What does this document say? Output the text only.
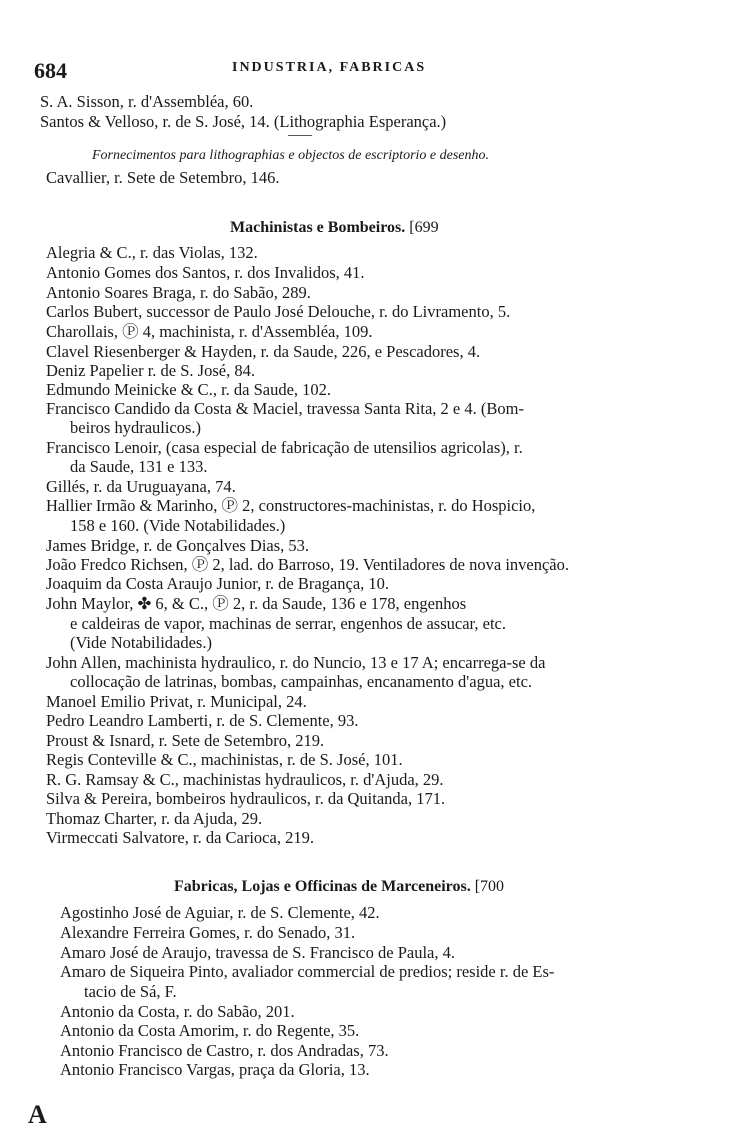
684	INDUSTRIA, FABRICAS
S. A. Sisson, r. d'Assembléa, 60.
Santos & Velloso, r. de S. José, 14. (Lithographia Esperança.)
Fornecimentos para lithographias e objectos de escriptorio e desenho.
Cavallier, r. Sete de Setembro, 146.
Machinistas e Bombeiros. [699
Alegria & C., r. das Violas, 132.
Antonio Gomes dos Santos, r. dos Invalidos, 41.
Antonio Soares Braga, r. do Sabão, 289.
Carlos Bubert, successor de Paulo José Delouche, r. do Livramento, 5.
Charollais, Ⓟ 4, machinista, r. d'Assembléa, 109.
Clavel Riesenberger & Hayden, r. da Saude, 226, e Pescadores, 4.
Deniz Papelier r. de S. José, 84.
Edmundo Meinicke & C., r. da Saude, 102.
Francisco Candido da Costa & Maciel, travessa Santa Rita, 2 e 4. (Bom-
beiros hydraulicos.)
Francisco Lenoir, (casa especial de fabricação de utensilios agricolas), r.
da Saude, 131 e 133.
Gillés, r. da Uruguayana, 74.
Hallier Irmão & Marinho, Ⓟ 2, constructores-machinistas, r. do Hospicio,
158 e 160. (Vide Notabilidades.)
James Bridge, r. de Gonçalves Dias, 53.
João Fredco Richsen, Ⓟ 2, lad. do Barroso, 19. Ventiladores de nova invenção.
Joaquim da Costa Araujo Junior, r. de Bragança, 10.
John Maylor, ✤ 6, & C., Ⓟ 2, r. da Saude, 136 e 178, engenhos
e caldeiras de vapor, machinas de serrar, engenhos de assucar, etc.
(Vide Notabilidades.)
John Allen, machinista hydraulico, r. do Nuncio, 13 e 17 A; encarrega-se da
collocação de latrinas, bombas, campainhas, encanamento d'agua, etc.
Manoel Emilio Privat, r. Municipal, 24.
Pedro Leandro Lamberti, r. de S. Clemente, 93.
Proust & Isnard, r. Sete de Setembro, 219.
Regis Conteville & C., machinistas, r. de S. José, 101.
R. G. Ramsay & C., machinistas hydraulicos, r. d'Ajuda, 29.
Silva & Pereira, bombeiros hydraulicos, r. da Quitanda, 171.
Thomaz Charter, r. da Ajuda, 29.
Virmeccati Salvatore, r. da Carioca, 219.
Fabricas, Lojas e Officinas de Marceneiros. [700
Agostinho José de Aguiar, r. de S. Clemente, 42.
Alexandre Ferreira Gomes, r. do Senado, 31.
Amaro José de Araujo, travessa de S. Francisco de Paula, 4.
Amaro de Siqueira Pinto, avaliador commercial de predios; reside r. de Es-
tacio de Sá, F.
Antonio da Costa, r. do Sabão, 201.
Antonio da Costa Amorim, r. do Regente, 35.
Antonio Francisco de Castro, r. dos Andradas, 73.
Antonio Francisco Vargas, praça da Gloria, 13.
A
